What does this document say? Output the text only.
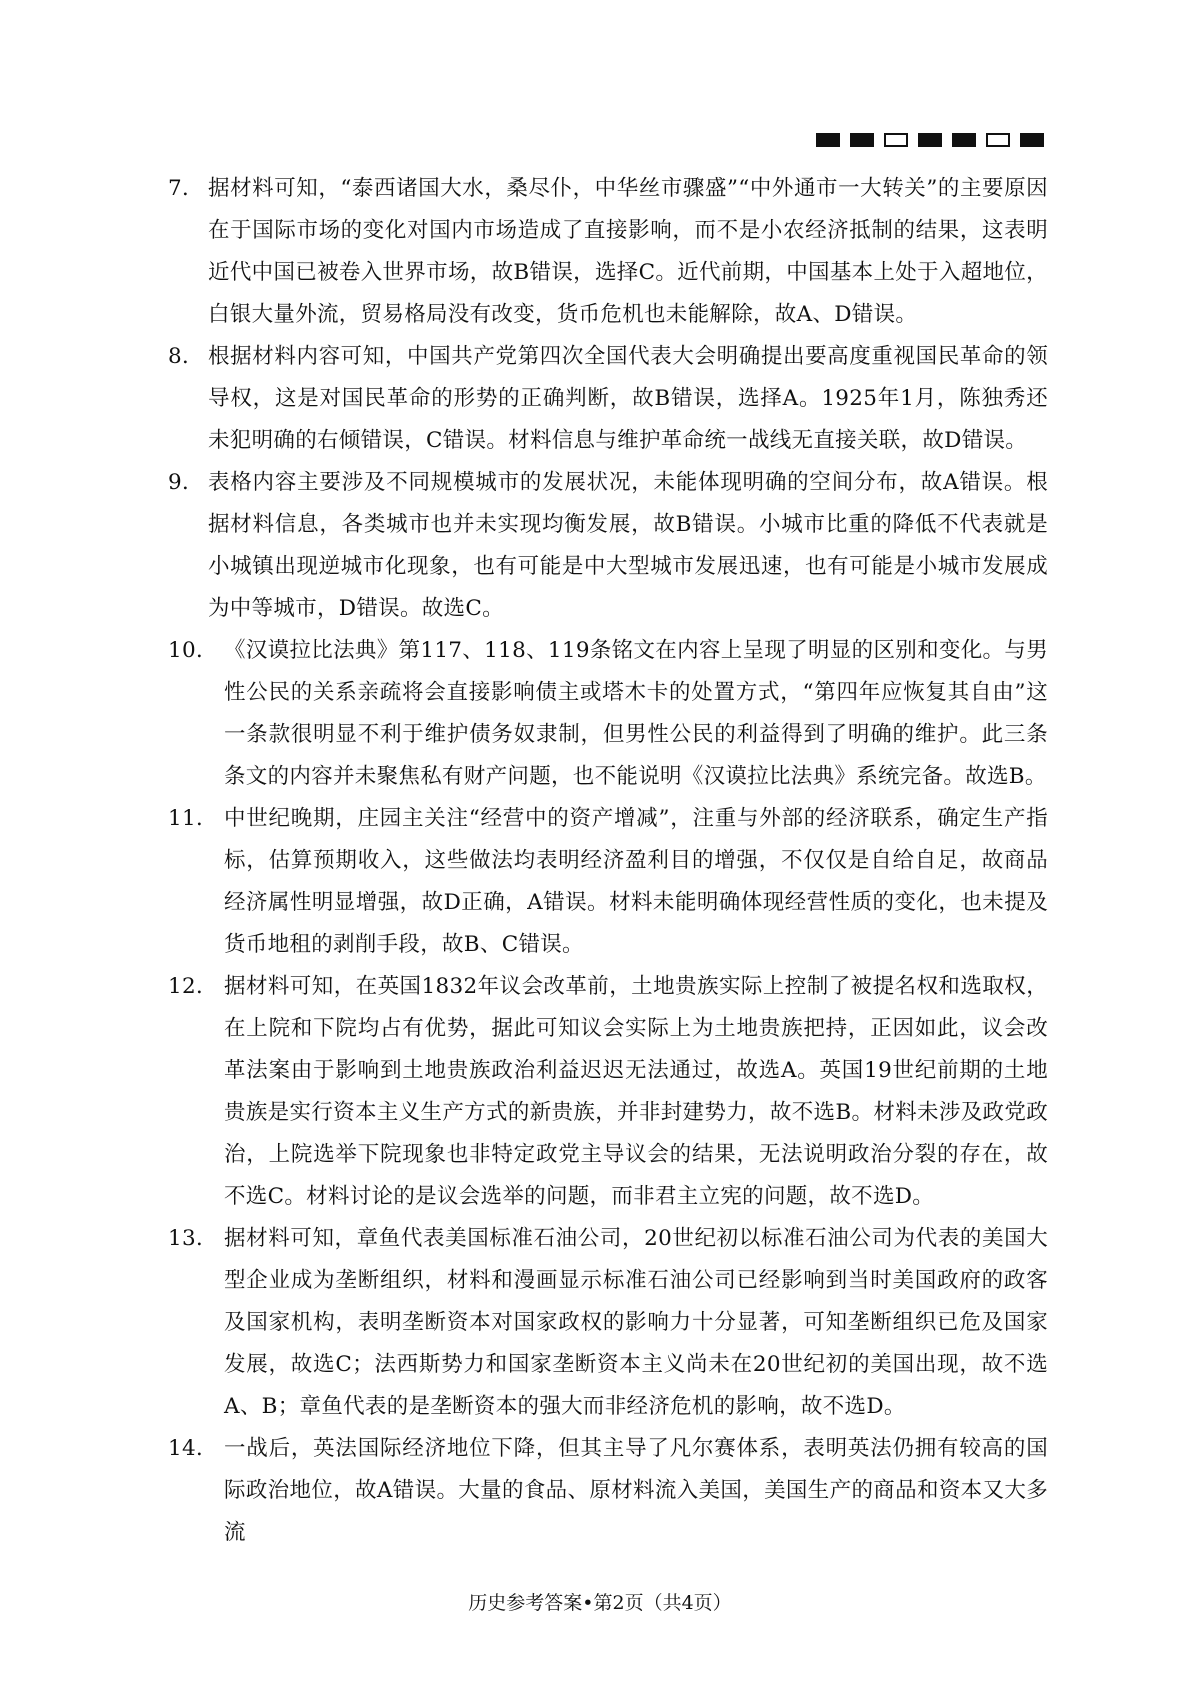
7． 据材料可知，“泰西诸国大水，桑尽仆，中华丝市骤盛”“中外通市一大转关”的主要原因在于国际市场的变化对国内市场造成了直接影响，而不是小农经济抵制的结果，这表明近代中国已被卷入世界市场，故B错误，选择C。近代前期，中国基本上处于入超地位，白银大量外流，贸易格局没有改变，货币危机也未能解除，故A、D错误。
8． 根据材料内容可知，中国共产党第四次全国代表大会明确提出要高度重视国民革命的领导权，这是对国民革命的形势的正确判断，故B错误，选择A。1925年1月，陈独秀还未犯明确的右倾错误，C错误。材料信息与维护革命统一战线无直接关联，故D错误。
9． 表格内容主要涉及不同规模城市的发展状况，未能体现明确的空间分布，故A错误。根据材料信息，各类城市也并未实现均衡发展，故B错误。小城市比重的降低不代表就是小城镇出现逆城市化现象，也有可能是中大型城市发展迅速，也有可能是小城市发展成为中等城市，D错误。故选C。
10． 《汉谟拉比法典》第117、118、119条铭文在内容上呈现了明显的区别和变化。与男性公民的关系亲疏将会直接影响债主或塔木卡的处置方式，“第四年应恢复其自由”这一条款很明显不利于维护债务奴隶制，但男性公民的利益得到了明确的维护。此三条条文的内容并未聚焦私有财产问题，也不能说明《汉谟拉比法典》系统完备。故选B。
11． 中世纪晚期，庄园主关注“经营中的资产增减”，注重与外部的经济联系，确定生产指标，估算预期收入，这些做法均表明经济盈利目的增强，不仅仅是自给自足，故商品经济属性明显增强，故D正确，A错误。材料未能明确体现经营性质的变化，也未提及货币地租的剥削手段，故B、C错误。
12． 据材料可知，在英国1832年议会改革前，土地贵族实际上控制了被提名权和选取权，在上院和下院均占有优势，据此可知议会实际上为土地贵族把持，正因如此，议会改革法案由于影响到土地贵族政治利益迟迟无法通过，故选A。英国19世纪前期的土地贵族是实行资本主义生产方式的新贵族，并非封建势力，故不选B。材料未涉及政党政治，上院选举下院现象也非特定政党主导议会的结果，无法说明政治分裂的存在，故不选C。材料讨论的是议会选举的问题，而非君主立宪的问题，故不选D。
13． 据材料可知，章鱼代表美国标准石油公司，20世纪初以标准石油公司为代表的美国大型企业成为垄断组织，材料和漫画显示标准石油公司已经影响到当时美国政府的政客及国家机构，表明垄断资本对国家政权的影响力十分显著，可知垄断组织已危及国家发展，故选C；法西斯势力和国家垄断资本主义尚未在20世纪初的美国出现，故不选A、B；章鱼代表的是垄断资本的强大而非经济危机的影响，故不选D。
14． 一战后，英法国际经济地位下降，但其主导了凡尔赛体系，表明英法仍拥有较高的国际政治地位，故A错误。大量的食品、原材料流入美国，美国生产的商品和资本又大多流
历史参考答案•第2页（共4页）
